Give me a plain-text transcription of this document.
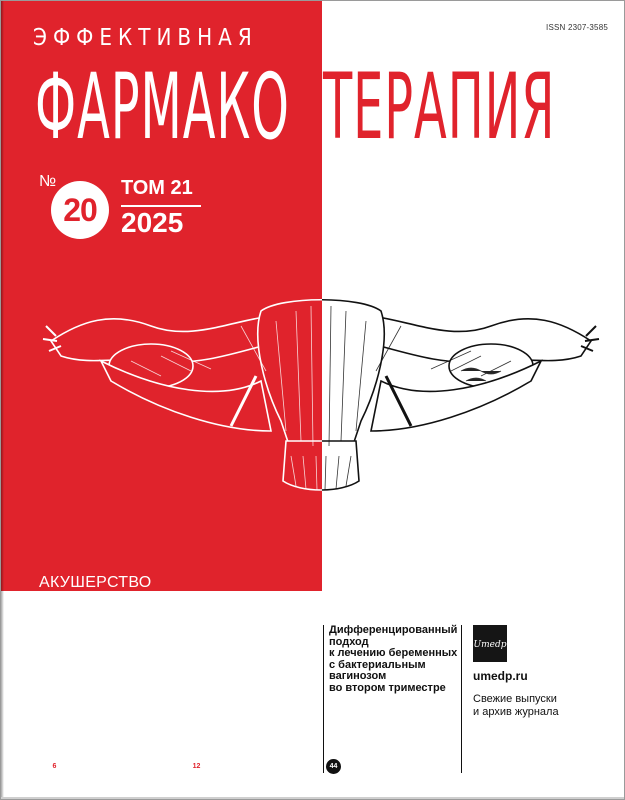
ISSN 2307-3585
ЭФФЕКТИВНАЯ
ФАРМАКО ТЕРАПИЯ
№
20
ТОМ 21
2025
АКУШЕРСТВО
И ГИНЕКОЛОГИЯ № 2
Эффективность
трансдермальной
гормональной системы
на основе
этинилэстрадиола
и норэлгестромина
при первичной
дисменорее
Место современных
лекарственных
препаратов
для нормализации
микрофлоры
мочеполовой системы
в комплексной терапии
вагинальных инфекций
Дифференцированный
подход
к лечению беременных
с бактериальным
вагинозом
во втором триместре
6	12	44
Umedp
umedp.ru
Свежие выпуски
и архив журнала
